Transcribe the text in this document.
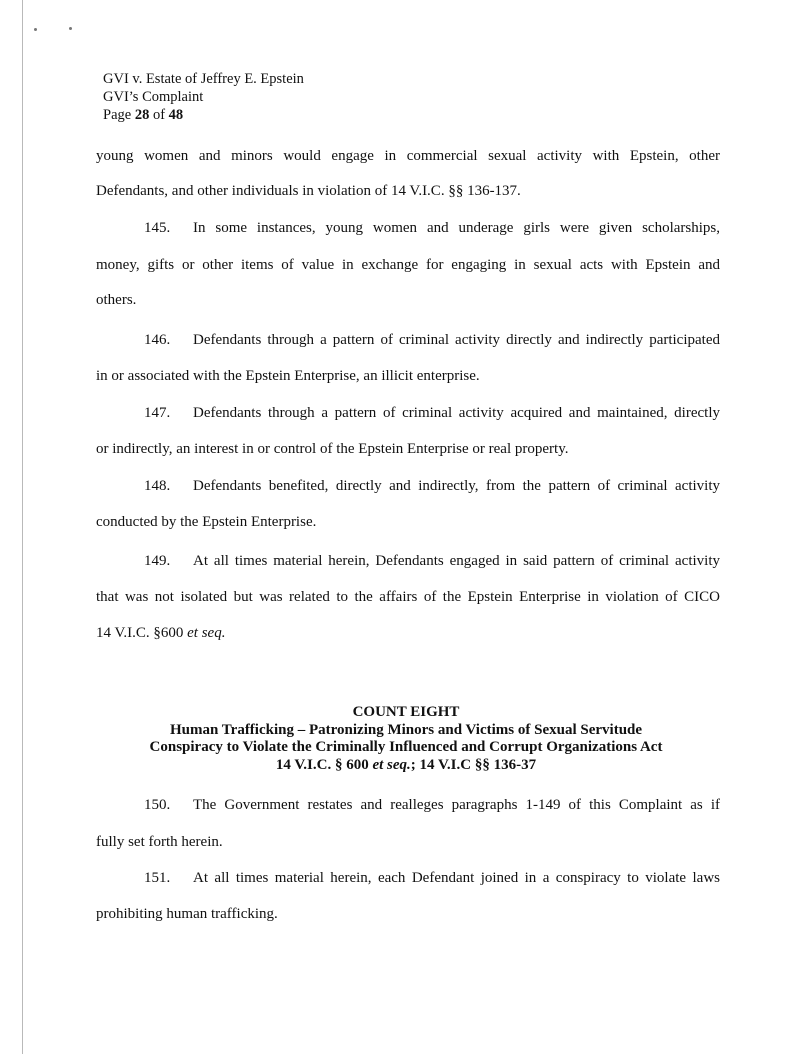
GVI v. Estate of Jeffrey E. Epstein
GVI’s Complaint
Page 28 of 48
young women and minors would engage in commercial sexual activity with Epstein, other
Defendants, and other individuals in violation of 14 V.I.C. §§ 136-137.
145. In some instances, young women and underage girls were given scholarships,
money, gifts or other items of value in exchange for engaging in sexual acts with Epstein and
others.
146. Defendants through a pattern of criminal activity directly and indirectly participated
in or associated with the Epstein Enterprise, an illicit enterprise.
147. Defendants through a pattern of criminal activity acquired and maintained, directly
or indirectly, an interest in or control of the Epstein Enterprise or real property.
148. Defendants benefited, directly and indirectly, from the pattern of criminal activity
conducted by the Epstein Enterprise.
149. At all times material herein, Defendants engaged in said pattern of criminal activity
that was not isolated but was related to the affairs of the Epstein Enterprise in violation of CICO
14 V.I.C. §600 et seq.
COUNT EIGHT
Human Trafficking – Patronizing Minors and Victims of Sexual Servitude
Conspiracy to Violate the Criminally Influenced and Corrupt Organizations Act
14 V.I.C. § 600 et seq.; 14 V.I.C §§ 136-37
150. The Government restates and realleges paragraphs 1-149 of this Complaint as if
fully set forth herein.
151. At all times material herein, each Defendant joined in a conspiracy to violate laws
prohibiting human trafficking.
